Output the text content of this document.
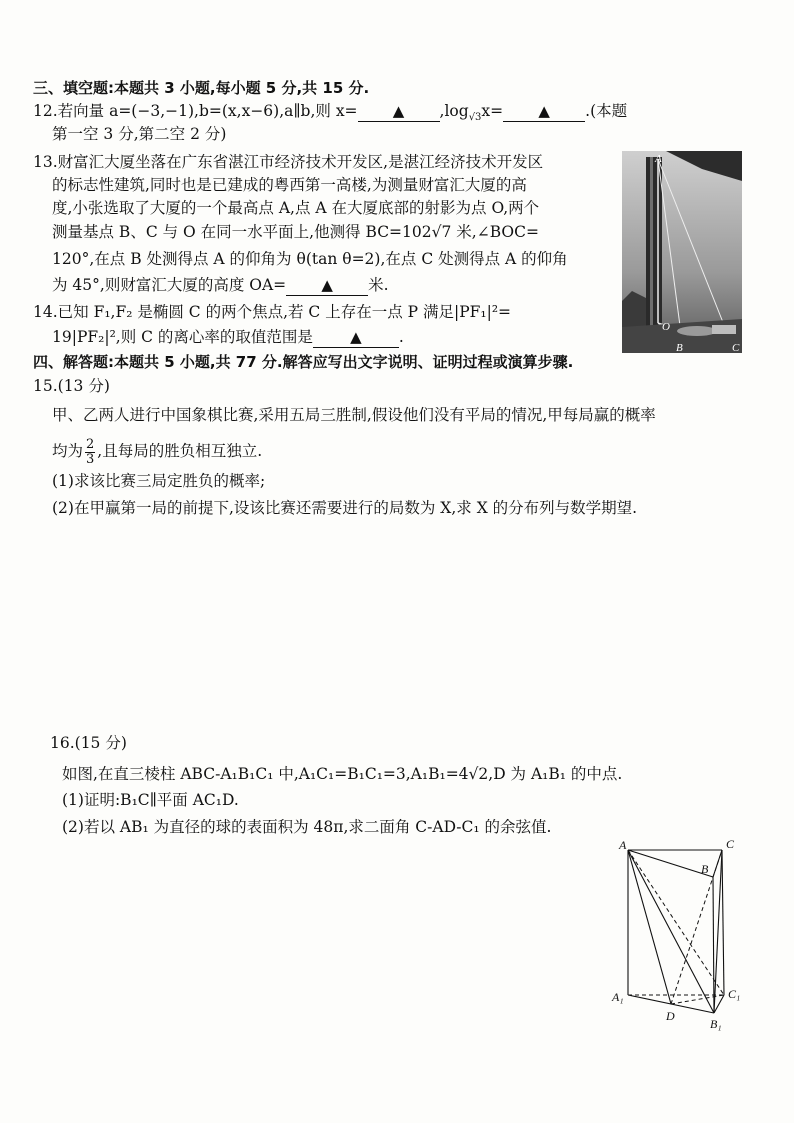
三、填空题:本题共 3 小题,每小题 5 分,共 15 分.
12.若向量 a=(−3,−1),b=(x,x−6),a∥b,则 x= ▲ $,\log_{√3}x=$ ▲ .(本题
第一空 3 分,第二空 2 分)
13.财富汇大厦坐落在广东省湛江市经济技术开发区,是湛江经济技术开发区
的标志性建筑,同时也是已建成的粤西第一高楼,为测量财富汇大厦的高
度,小张选取了大厦的一个最高点 A,点 A 在大厦底部的射影为点 O,两个
测量基点 B、C 与 O 在同一水平面上,他测得 BC=102√7 米,∠BOC=
120°,在点 B 处测得点 A 的仰角为 θ(tan θ=2),在点 C 处测得点 A 的仰角
为 45°,则财富汇大厦的高度 OA= ▲ 米.
14.已知 F₁,F₂ 是椭圆 C 的两个焦点,若 C 上存在一点 P 满足|PF₁|²=
19|PF₂|²,则 C 的离心率的取值范围是 ▲ .
A
O
B	C
四、解答题:本题共 5 小题,共 77 分.解答应写出文字说明、证明过程或演算步骤.
15.(13 分)
甲、乙两人进行中国象棋比赛,采用五局三胜制,假设他们没有平局的情况,甲每局赢的概率
均为 $\frac{2}{3}$ ,且每局的胜负相互独立.
(1)求该比赛三局定胜负的概率;
(2)在甲赢第一局的前提下,设该比赛还需要进行的局数为 X,求 X 的分布列与数学期望.
16.(15 分)
如图,在直三棱柱 ABC-A₁B₁C₁ 中,A₁C₁=B₁C₁=3,A₁B₁=4√2,D 为 A₁B₁ 的中点.
(1)证明:B₁C∥平面 AC₁D.
(2)若以 AB₁ 为直径的球的表面积为 48π,求二面角 C-AD-C₁ 的余弦值.
A	C
B
A₁	C₁
B₁
D
